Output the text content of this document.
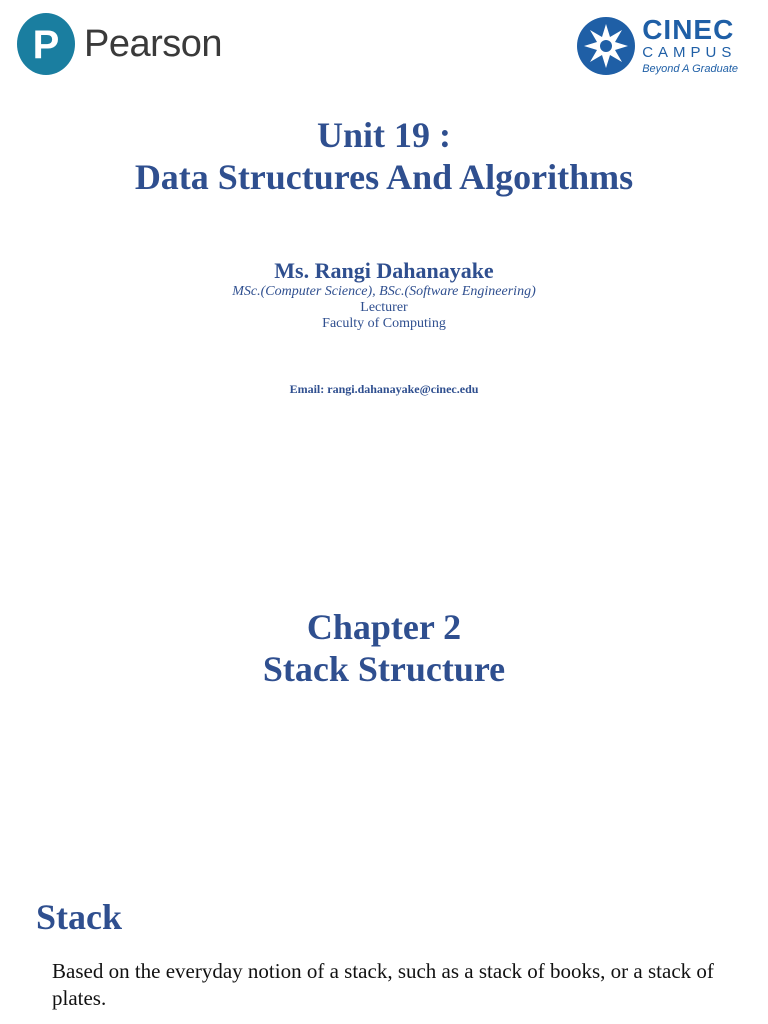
P Pearson	CINEC
CAMPUS
Beyond A Graduate
Unit 19 :
Data Structures And Algorithms
Ms. Rangi Dahanayake
MSc.(Computer Science), BSc.(Software Engineering)
Lecturer
Faculty of Computing
Email: rangi.dahanayake@cinec.edu
Chapter 2
Stack Structure
Stack
Based on the everyday notion of a stack, such as a stack of books, or a stack of plates.
